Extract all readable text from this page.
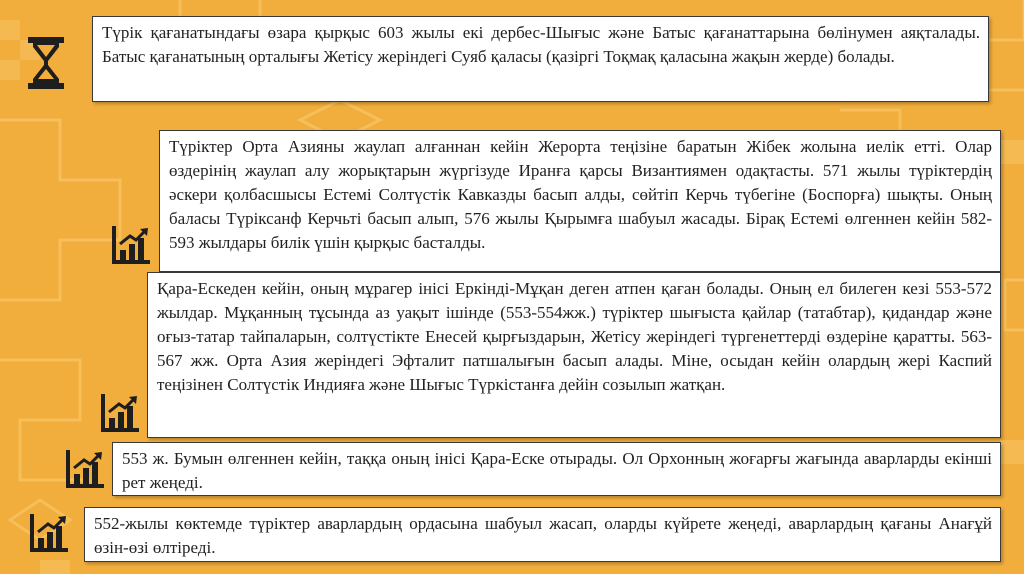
Түрік қағанатындағы өзара қырқыс 603 жылы екі дербес-Шығыс және Батыс қағанаттарына бөлінумен аяқталады. Батыс қағанатының орталығы Жетісу жеріндегі Суяб қаласы (қазіргі Тоқмақ қаласына жақын жерде) болады.
Түріктер Орта Азияны жаулап алғаннан кейін Жерорта теңізіне баратын Жібек жолына иелік етті. Олар өздерінің жаулап алу жорықтарын жүргізуде Иранға қарсы Византиямен одақтасты. 571 жылы түріктердің әскери қолбасшысы Естемі Солтүстік Кавказды басып алды, сөйтіп Керчь түбегіне (Боспорға) шықты. Оның баласы Түріксанф Керчьті басып алып, 576 жылы Қырымға шабуыл жасады. Бірақ Естемі өлгеннен кейін 582-593 жылдары билік үшін қырқыс басталды.
Қара-Ескеден кейін, оның мұрагер інісі Еркінді-Мұқан деген атпен қаған болады. Оның ел билеген кезі 553-572 жылдар. Мұқанның тұсында аз уақыт ішінде (553-554жж.) түріктер шығыста қайлар (татабтар), қидандар және оғыз-татар тайпаларын, солтүстікте Енесей қырғыздарын, Жетісу жеріндегі түргенеттерді өздеріне қаратты. 563-567 жж. Орта Азия жеріндегі Эфталит патшалығын басып алады. Міне, осыдан кейін олардың жері Каспий теңізінен Солтүстік Индияға және Шығыс Түркістанға дейін созылып жатқан.
553 ж. Бумын өлгеннен кейін, таққа оның інісі Қара-Еске отырады. Ол Орхонның жоғарғы жағында аварларды екінші рет жеңеді.
552-жылы көктемде түріктер аварлардың ордасына шабуыл жасап, оларды күйрете жеңеді, аварлардың қағаны Анағұй өзін-өзі өлтіреді.
